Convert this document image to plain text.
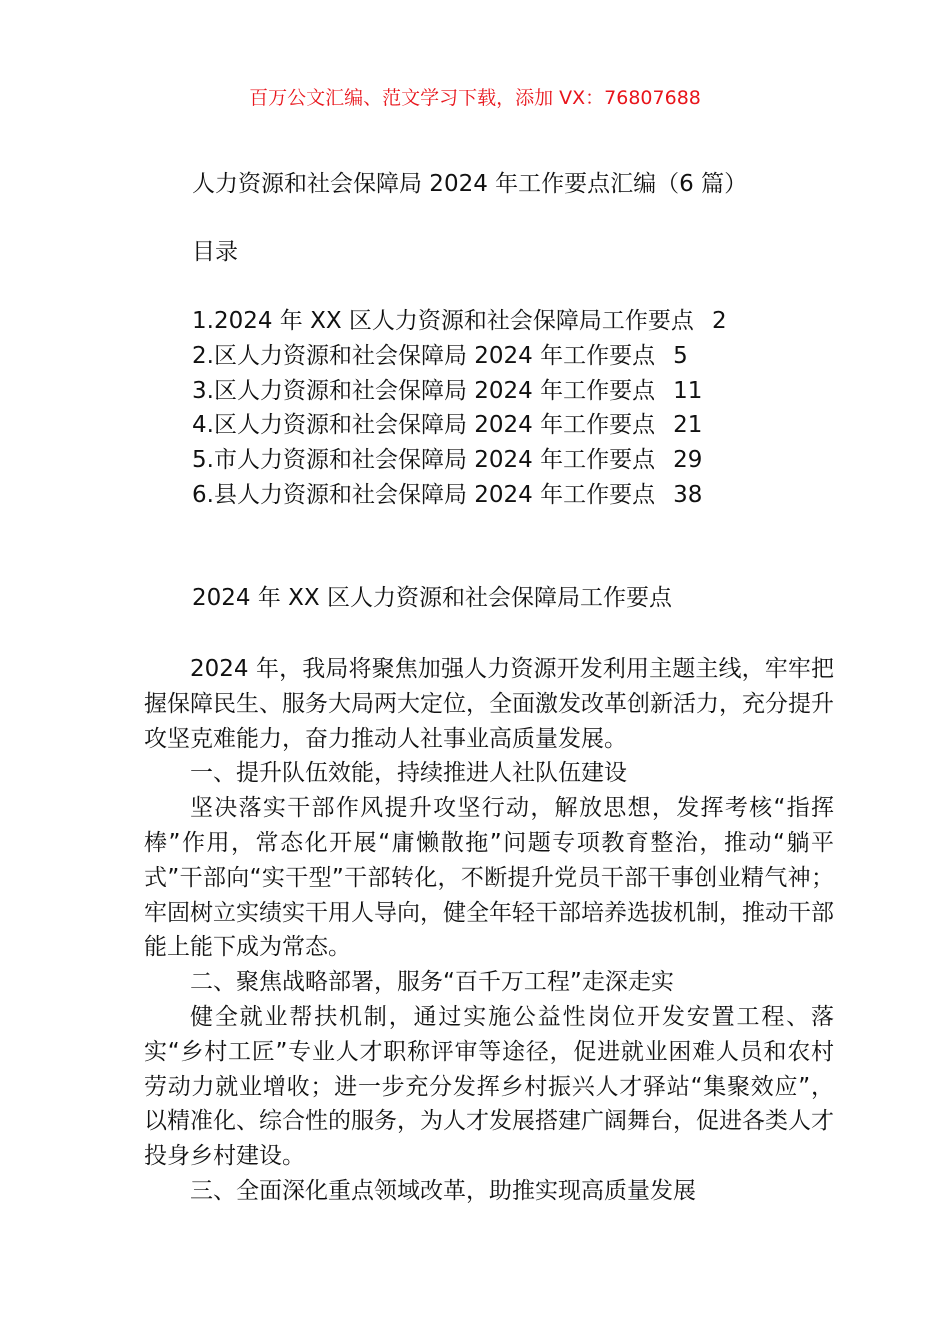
百万公文汇编、范文学习下载，添加 VX：76807688
人力资源和社会保障局 2024 年工作要点汇编（6 篇）
目录
1.2024 年 XX 区人力资源和社会保障局工作要点 2
2.区人力资源和社会保障局 2024 年工作要点 5
3.区人力资源和社会保障局 2024 年工作要点 11
4.区人力资源和社会保障局 2024 年工作要点 21
5.市人力资源和社会保障局 2024 年工作要点 29
6.县人力资源和社会保障局 2024 年工作要点 38
2024 年 XX 区人力资源和社会保障局工作要点

2024 年，我局将聚焦加强人力资源开发利用主题主线，牢牢把握保障民生、服务大局两大定位，全面激发改革创新活力，充分提升攻坚克难能力，奋力推动人社事业高质量发展。

一、提升队伍效能，持续推进人社队伍建设

坚决落实干部作风提升攻坚行动，解放思想，发挥考核“指挥棒”作用，常态化开展“庸懒散拖”问题专项教育整治，推动“躺平式”干部向“实干型”干部转化，不断提升党员干部干事创业精气神；牢固树立实绩实干用人导向，健全年轻干部培养选拔机制，推动干部能上能下成为常态。

二、聚焦战略部署，服务“百千万工程”走深走实

健全就业帮扶机制，通过实施公益性岗位开发安置工程、落实“乡村工匠”专业人才职称评审等途径，促进就业困难人员和农村劳动力就业增收；进一步充分发挥乡村振兴人才驿站“集聚效应”，以精准化、综合性的服务，为人才发展搭建广阔舞台，促进各类人才投身乡村建设。

三、全面深化重点领域改革，助推实现高质量发展
